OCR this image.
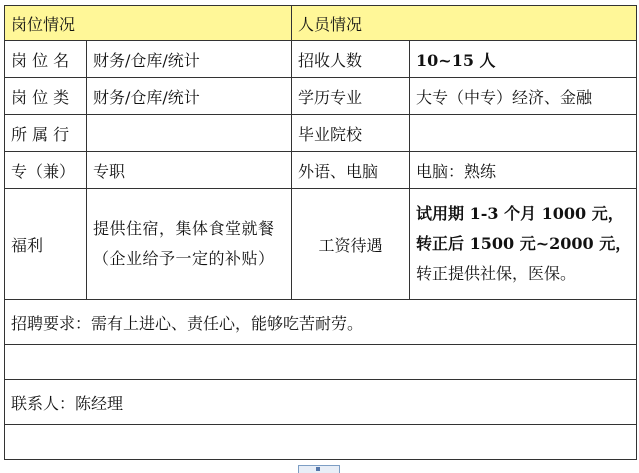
岗位情况		人员情况	
岗 位 名	财务/仓库/统计	招收人数	10~15 人
岗 位 类	财务/仓库/统计	学历专业	大专（中专）经济、金融
所 属 行		毕业院校	
专（兼）	专职	外语、电脑	电脑：熟练
福利	提供住宿，集体食堂就餐（企业给予一定的补贴）	工资待遇	试用期 1-3 个月 1000 元，
转正后 1500 元~2000 元，
转正提供社保，医保。

招聘要求：需有上进心、责任心，能够吃苦耐劳。			

联系人：陈经理			
